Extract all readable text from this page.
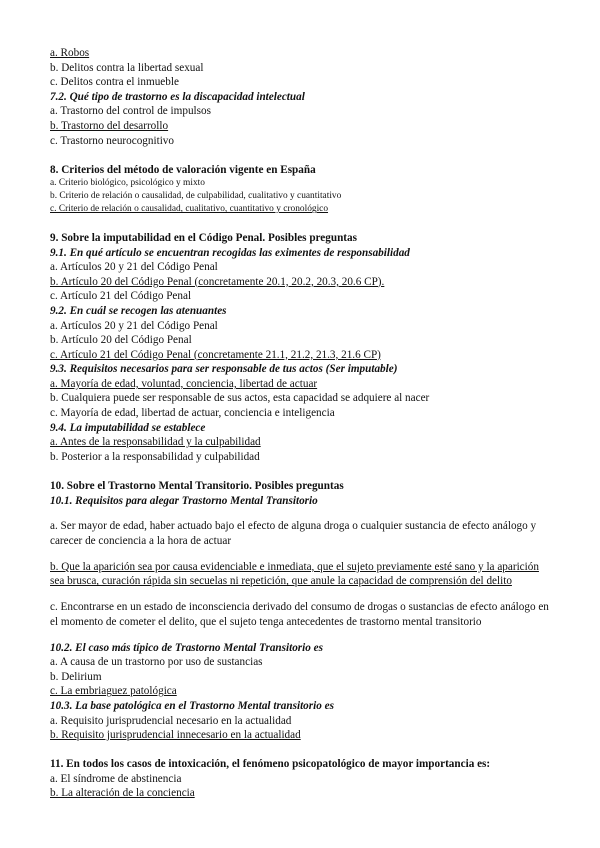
a. Robos

b. Delitos contra la libertad sexual

c. Delitos contra el inmueble

7.2. Qué tipo de trastorno es la discapacidad intelectual

a. Trastorno del control de impulsos

b. Trastorno del desarrollo

c. Trastorno neurocognitivo

8. Criterios del método de valoración vigente en España

a. Criterio biológico, psicológico y mixto

b. Criterio de relación o causalidad, de culpabilidad, cualitativo y cuantitativo

c. Criterio de relación o causalidad, cualitativo, cuantitativo y cronológico

9. Sobre la imputabilidad en el Código Penal. Posibles preguntas

9.1. En qué artículo se encuentran recogidas las eximentes de responsabilidad

a. Artículos 20 y 21 del Código Penal

b. Artículo 20 del Código Penal (concretamente 20.1, 20.2, 20.3, 20.6 CP).

c. Artículo 21 del Código Penal

9.2. En cuál se recogen las atenuantes

a. Artículos 20 y 21 del Código Penal

b. Artículo 20 del Código Penal

c. Artículo 21 del Código Penal (concretamente 21.1, 21.2, 21.3, 21.6 CP)

9.3. Requisitos necesarios para ser responsable de tus actos (Ser imputable)

a. Mayoría de edad, voluntad, conciencia, libertad de actuar

b. Cualquiera puede ser responsable de sus actos, esta capacidad se adquiere al nacer

c. Mayoría de edad, libertad de actuar, conciencia e inteligencia

9.4. La imputabilidad se establece

a. Antes de la responsabilidad y la culpabilidad

b. Posterior a la responsabilidad y culpabilidad

10. Sobre el Trastorno Mental Transitorio. Posibles preguntas

10.1. Requisitos para alegar Trastorno Mental Transitorio

a. Ser mayor de edad, haber actuado bajo el efecto de alguna droga o cualquier sustancia de efecto análogo y carecer de conciencia a la hora de actuar

b. Que la aparición sea por causa evidenciable e inmediata, que el sujeto previamente esté sano y la aparición sea brusca, curación rápida sin secuelas ni repetición, que anule la capacidad de comprensión del delito

c. Encontrarse en un estado de inconsciencia derivado del consumo de drogas o sustancias de efecto análogo en el momento de cometer el delito, que el sujeto tenga antecedentes de trastorno mental transitorio

10.2. El caso más típico de Trastorno Mental Transitorio es

a. A causa de un trastorno por uso de sustancias

b. Delirium

c. La embriaguez patológica

10.3. La base patológica en el Trastorno Mental transitorio es

a. Requisito jurisprudencial necesario en la actualidad

b. Requisito jurisprudencial innecesario en la actualidad

11. En todos los casos de intoxicación, el fenómeno psicopatológico de mayor importancia es:

a. El síndrome de abstinencia

b. La alteración de la conciencia
